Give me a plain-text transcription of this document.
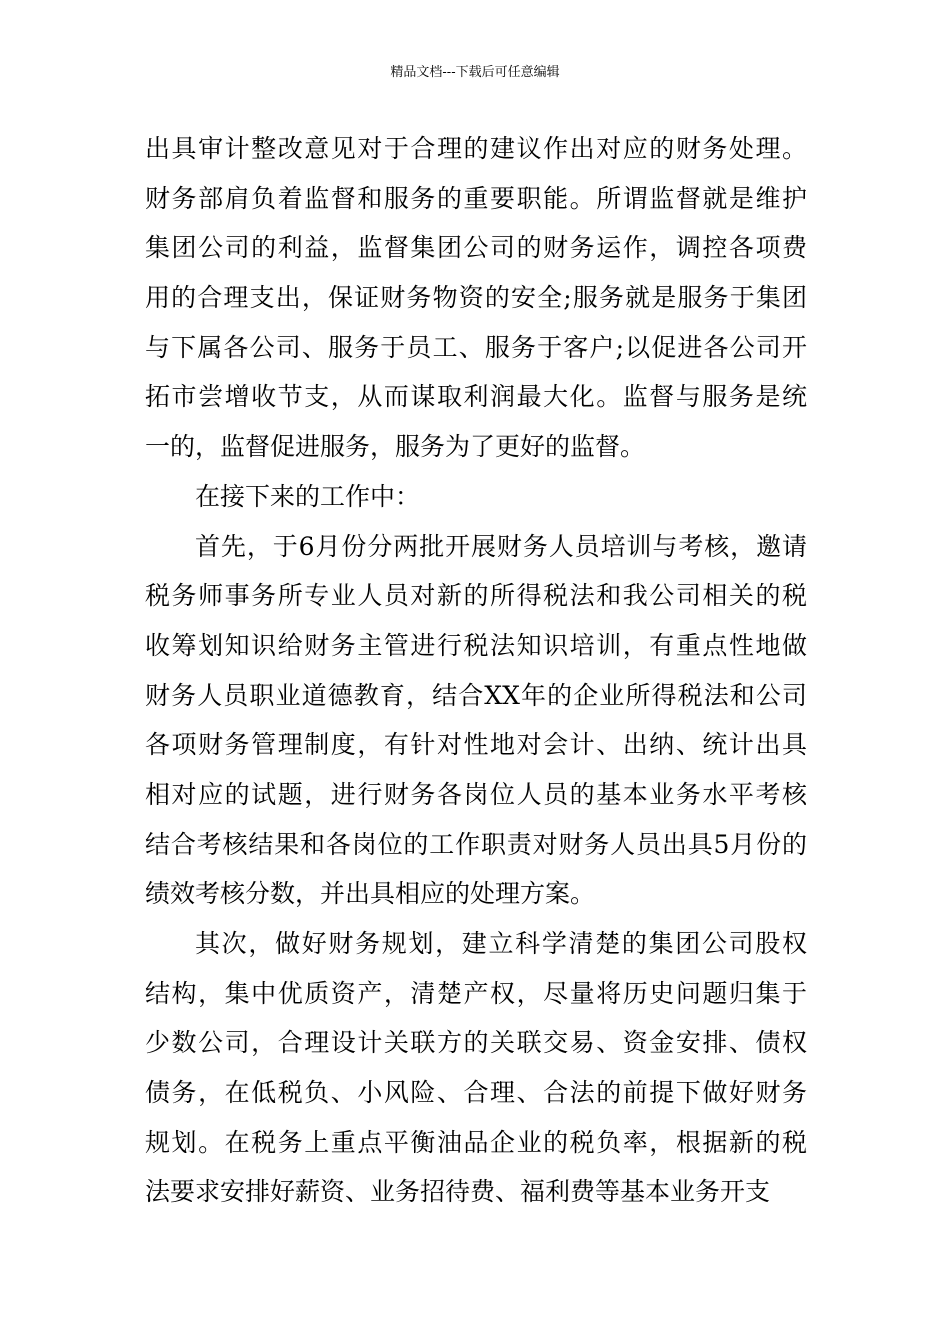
精品文档---下载后可任意编辑
出具审计整改意见对于合理的建议作出对应的财务处理。
财务部肩负着监督和服务的重要职能。所谓监督就是维护
集团公司的利益，监督集团公司的财务运作，调控各项费
用的合理支出，保证财务物资的安全;服务就是服务于集团
与下属各公司、服务于员工、服务于客户;以促进各公司开
拓市尝增收节支，从而谋取利润最大化。监督与服务是统
一的，监督促进服务，服务为了更好的监督。
在接下来的工作中：
首先，于6月份分两批开展财务人员培训与考核，邀请
税务师事务所专业人员对新的所得税法和我公司相关的税
收筹划知识给财务主管进行税法知识培训，有重点性地做
财务人员职业道德教育，结合XX年的企业所得税法和公司
各项财务管理制度，有针对性地对会计、出纳、统计出具
相对应的试题，进行财务各岗位人员的基本业务水平考核
结合考核结果和各岗位的工作职责对财务人员出具5月份的
绩效考核分数，并出具相应的处理方案。
其次，做好财务规划，建立科学清楚的集团公司股权
结构，集中优质资产，清楚产权，尽量将历史问题归集于
少数公司，合理设计关联方的关联交易、资金安排、债权
债务，在低税负、小风险、合理、合法的前提下做好财务
规划。在税务上重点平衡油品企业的税负率，根据新的税
法要求安排好薪资、业务招待费、福利费等基本业务开支
